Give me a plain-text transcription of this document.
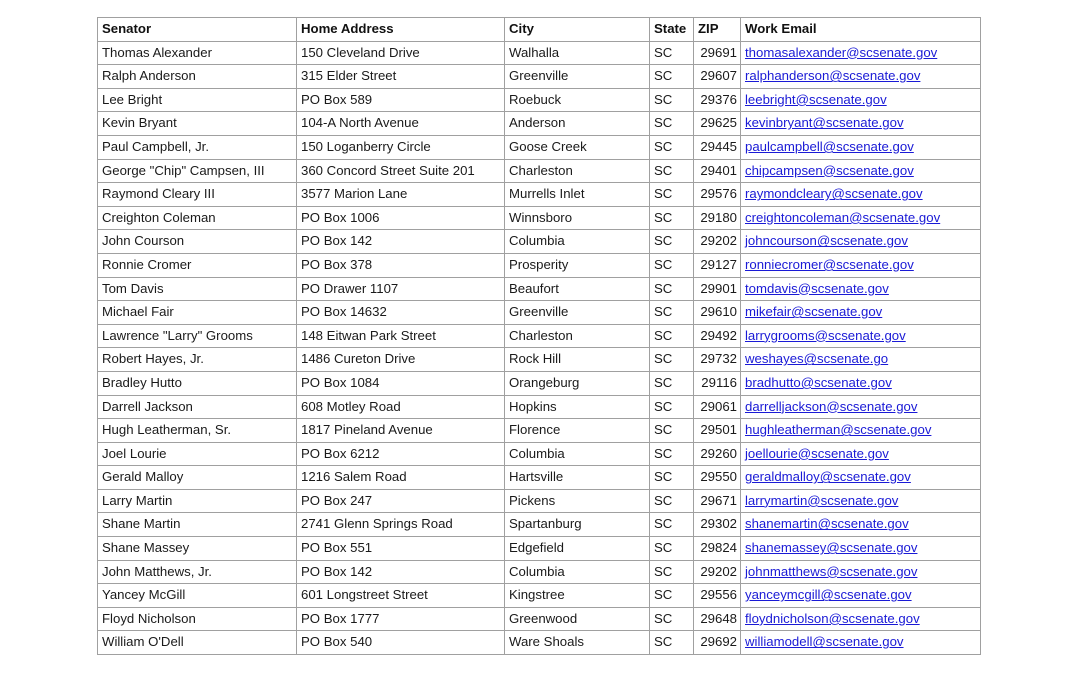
Senator	Home Address	City	State	ZIP	Work Email
Thomas Alexander	150 Cleveland Drive	Walhalla	SC	29691	thomasalexander@scsenate.gov
Ralph Anderson	315 Elder Street	Greenville	SC	29607	ralphanderson@scsenate.gov
Lee Bright	PO Box 589	Roebuck	SC	29376	leebright@scsenate.gov
Kevin Bryant	104-A North Avenue	Anderson	SC	29625	kevinbryant@scsenate.gov
Paul Campbell, Jr.	150 Loganberry Circle	Goose Creek	SC	29445	paulcampbell@scsenate.gov
George "Chip" Campsen, III	360 Concord Street Suite 201	Charleston	SC	29401	chipcampsen@scsenate.gov
Raymond Cleary III	3577 Marion Lane	Murrells Inlet	SC	29576	raymondcleary@scsenate.gov
Creighton Coleman	PO Box 1006	Winnsboro	SC	29180	creightoncoleman@scsenate.gov
John Courson	PO Box 142	Columbia	SC	29202	johncourson@scsenate.gov
Ronnie Cromer	PO Box 378	Prosperity	SC	29127	ronniecromer@scsenate.gov
Tom Davis	PO Drawer 1107	Beaufort	SC	29901	tomdavis@scsenate.gov
Michael Fair	PO Box 14632	Greenville	SC	29610	mikefair@scsenate.gov
Lawrence "Larry" Grooms	148 Eitwan Park Street	Charleston	SC	29492	larrygrooms@scsenate.gov
Robert Hayes, Jr.	1486 Cureton Drive	Rock Hill	SC	29732	weshayes@scsenate.go
Bradley Hutto	PO Box 1084	Orangeburg	SC	29116	bradhutto@scsenate.gov
Darrell Jackson	608 Motley Road	Hopkins	SC	29061	darrelljackson@scsenate.gov
Hugh Leatherman, Sr.	1817 Pineland Avenue	Florence	SC	29501	hughleatherman@scsenate.gov
Joel Lourie	PO Box 6212	Columbia	SC	29260	joellourie@scsenate.gov
Gerald Malloy	1216 Salem Road	Hartsville	SC	29550	geraldmalloy@scsenate.gov
Larry Martin	PO Box 247	Pickens	SC	29671	larrymartin@scsenate.gov
Shane Martin	2741 Glenn Springs Road	Spartanburg	SC	29302	shanemartin@scsenate.gov
Shane Massey	PO Box 551	Edgefield	SC	29824	shanemassey@scsenate.gov
John Matthews, Jr.	PO Box 142	Columbia	SC	29202	johnmatthews@scsenate.gov
Yancey McGill	601 Longstreet Street	Kingstree	SC	29556	yanceymcgill@scsenate.gov
Floyd Nicholson	PO Box 1777	Greenwood	SC	29648	floydnicholson@scsenate.gov
William O'Dell	PO Box 540	Ware Shoals	SC	29692	williamodell@scsenate.gov
